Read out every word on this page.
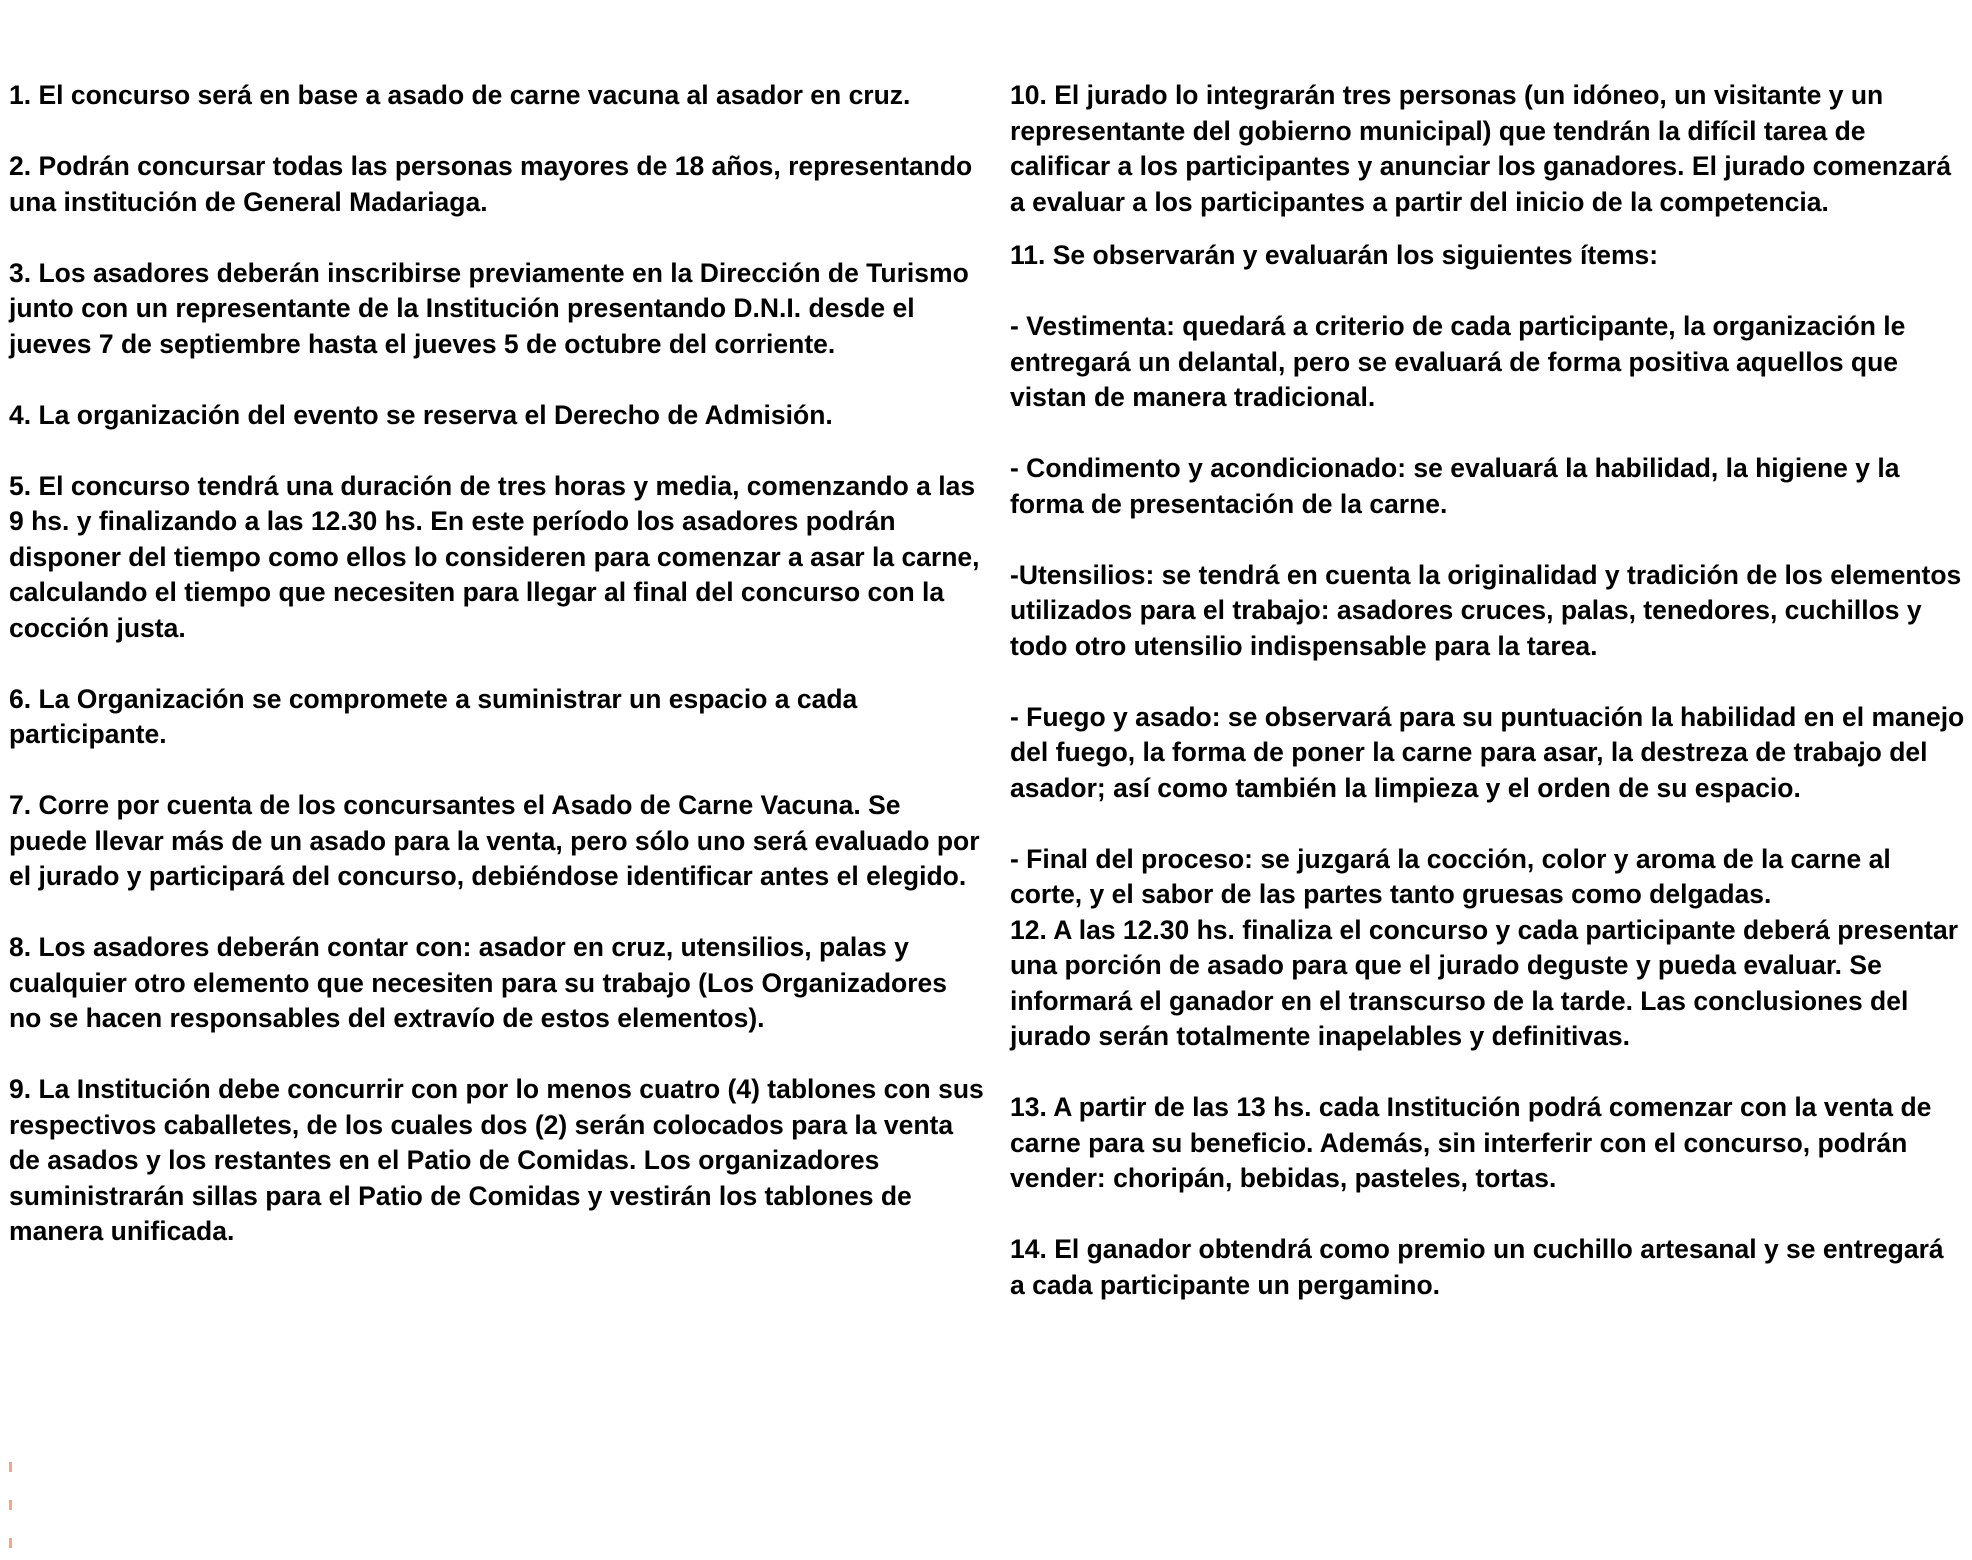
1. El concurso será en base a asado de carne vacuna al asador en cruz.

2. Podrán concursar todas las personas mayores de 18 años, representando una institución de General Madariaga.

3. Los asadores deberán inscribirse previamente en la Dirección de Turismo junto con un representante de la Institución presentando D.N.I. desde el jueves 7 de septiembre hasta el jueves 5 de octubre del corriente.

4. La organización del evento se reserva el Derecho de Admisión.

5. El concurso tendrá una duración de tres horas y media, comenzando a las 9 hs. y finalizando a las 12.30 hs. En este período los asadores podrán disponer del tiempo como ellos lo consideren para comenzar a asar la carne, calculando el tiempo que necesiten para llegar al final del concurso con la cocción justa.

6. La Organización se compromete a suministrar un espacio a cada participante.

7. Corre por cuenta de los concursantes el Asado de Carne Vacuna. Se puede llevar más de un asado para la venta, pero sólo uno será evaluado por el jurado y participará del concurso, debiéndose identificar antes el elegido.

8. Los asadores deberán contar con: asador en cruz, utensilios, palas y cualquier otro elemento que necesiten para su trabajo (Los Organizadores no se hacen responsables del extravío de estos elementos).

9. La Institución debe concurrir con por lo menos cuatro (4) tablones con sus respectivos caballetes, de los cuales dos (2) serán colocados para la venta de asados y los restantes en el Patio de Comidas. Los organizadores suministrarán sillas para el Patio de Comidas y vestirán los tablones de manera unificada.

10. El jurado lo integrarán tres personas (un idóneo, un visitante y un representante del gobierno municipal) que tendrán la difícil tarea de calificar a los participantes y anunciar los ganadores. El jurado comenzará a evaluar a los participantes a partir del inicio de la competencia.

11. Se observarán y evaluarán los siguientes ítems:

- Vestimenta: quedará a criterio de cada participante, la organización le entregará un delantal, pero se evaluará de forma positiva aquellos que vistan de manera tradicional.

- Condimento y acondicionado: se evaluará la habilidad, la higiene y la forma de presentación de la carne.

-Utensilios: se tendrá en cuenta la originalidad y tradición de los elementos utilizados para el trabajo: asadores cruces, palas, tenedores, cuchillos y todo otro utensilio indispensable para la tarea.

- Fuego y asado: se observará para su puntuación la habilidad en el manejo del fuego, la forma de poner la carne para asar, la destreza de trabajo del asador; así como también la limpieza y el orden de su espacio.

- Final del proceso: se juzgará la cocción, color y aroma de la carne al corte, y el sabor de las partes tanto gruesas como delgadas.

12. A las 12.30 hs. finaliza el concurso y cada participante deberá presentar una porción de asado para que el jurado deguste y pueda evaluar. Se informará el ganador en el transcurso de la tarde. Las conclusiones del jurado serán totalmente inapelables y definitivas.

13. A partir de las 13 hs. cada Institución podrá comenzar con la venta de carne para su beneficio. Además, sin interferir con el concurso, podrán vender: choripán, bebidas, pasteles, tortas.

14. El ganador obtendrá como premio un cuchillo artesanal y se entregará a cada participante un pergamino.
